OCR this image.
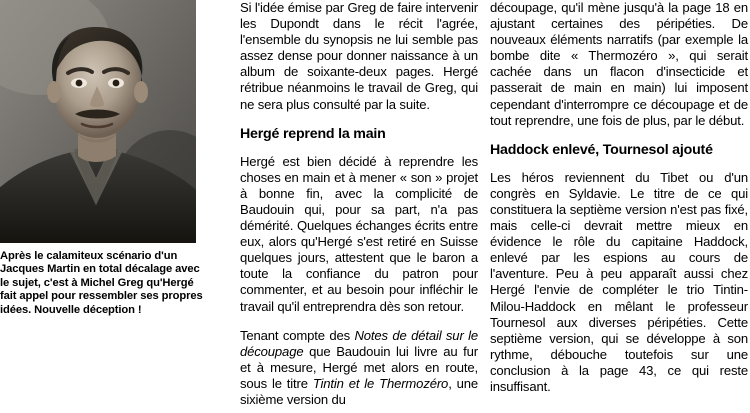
Après le calamiteux scénario d'un Jacques Martin en total décalage avec le sujet, c'est à Michel Greg qu'Hergé fait appel pour ressembler ses propres idées. Nouvelle déception !

Si l'idée émise par Greg de faire intervenir les Dupondt dans le récit l'agrée, l'ensemble du synopsis ne lui semble pas assez dense pour donner naissance à un album de soixante-deux pages. Hergé rétribue néanmoins le travail de Greg, qui ne sera plus consulté par la suite.

Hergé reprend la main

Hergé est bien décidé à reprendre les choses en main et à mener « son » projet à bonne fin, avec la complicité de Baudouin qui, pour sa part, n'a pas démérité. Quelques échanges écrits entre eux, alors qu'Hergé s'est retiré en Suisse quelques jours, attestent que le baron a toute la confiance du patron pour commenter, et au besoin pour infléchir le travail qu'il entreprendra dès son retour.

Tenant compte des Notes de détail sur le découpage que Baudouin lui livre au fur et à mesure, Hergé met alors en route, sous le titre Tintin et le Thermozéro, une sixième version du

découpage, qu'il mène jusqu'à la page 18 en ajustant certaines des péripéties. De nouveaux éléments narratifs (par exemple la bombe dite « Thermozéro », qui serait cachée dans un flacon d'insecticide et passerait de main en main) lui imposent cependant d'interrompre ce découpage et de tout reprendre, une fois de plus, par le début.

Haddock enlevé, Tournesol ajouté

Les héros reviennent du Tibet ou d'un congrès en Syldavie. Le titre de ce qui constituera la septième version n'est pas fixé, mais celle-ci devrait mettre mieux en évidence le rôle du capitaine Haddock, enlevé par les espions au cours de l'aventure. Peu à peu apparaît aussi chez Hergé l'envie de compléter le trio Tintin-Milou-Haddock en mêlant le professeur Tournesol aux diverses péripéties. Cette septième version, qui se développe à son rythme, débouche toutefois sur une conclusion à la page 43, ce qui reste insuffisant.
